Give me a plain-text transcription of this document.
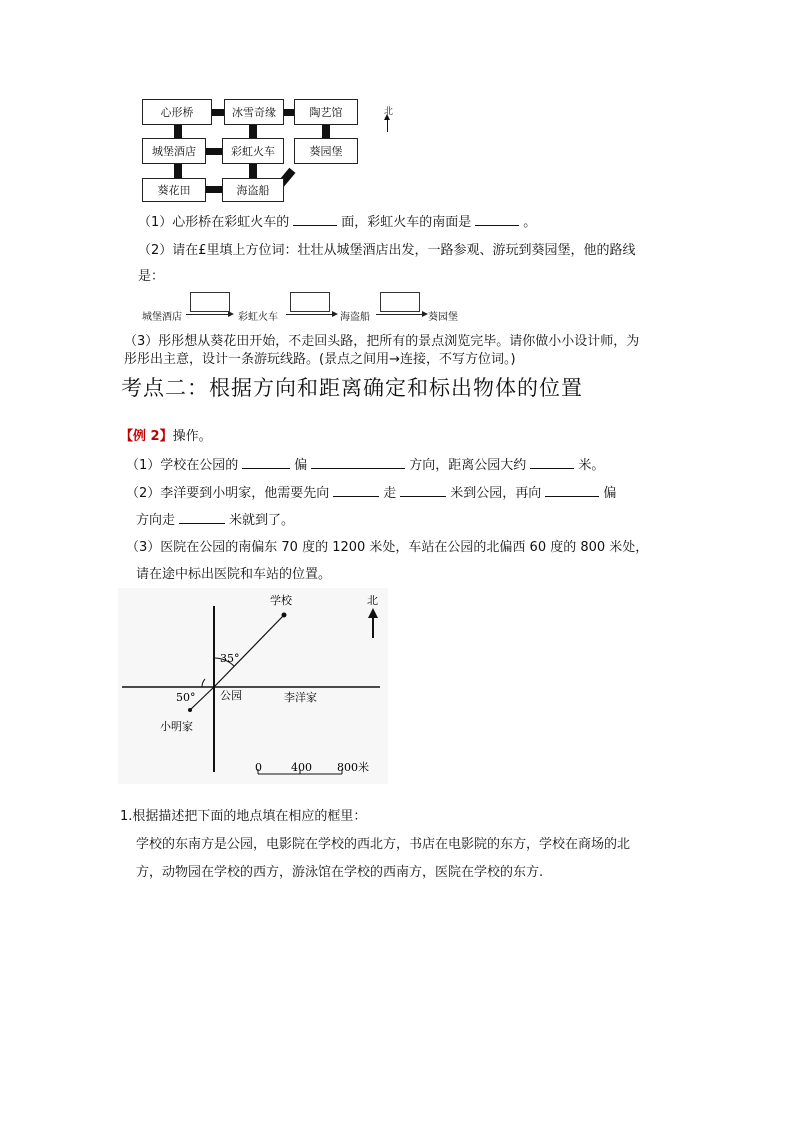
心形桥	冰雪奇缘	陶艺馆
城堡酒店	彩虹火车	葵园堡
葵花田	海盗船
北
（1）心形桥在彩虹火车的	面，彩虹火车的南面是	。
（2）请在£里填上方位词：壮壮从城堡酒店出发，一路参观、游玩到葵园堡，他的路线
是：
城堡酒店	彩虹火车	海盗船	葵园堡
（3）彤彤想从葵花田开始，不走回头路，把所有的景点浏览完毕。请你做小小设计师，为
彤彤出主意，设计一条游玩线路。(景点之间用→连接，不写方位词。)
考点二：根据方向和距离确定和标出物体的位置
【例 2】操作。
（1）学校在公园的	偏	方向，距离公园大约	米。
（2）李洋要到小明家，他需要先向	走	米到公园，再向	偏
方向走	米就到了。
（3）医院在公园的南偏东 70 度的 1200 米处，车站在公园的北偏西 60 度的 800 米处，
请在途中标出医院和车站的位置。
学校
35°
50° 公园	李洋家
小明家
北
0	400 800米
1.根据描述把下面的地点填在相应的框里：
学校的东南方是公园，电影院在学校的西北方，书店在电影院的东方，学校在商场的北
方，动物园在学校的西方，游泳馆在学校的西南方，医院在学校的东方.
